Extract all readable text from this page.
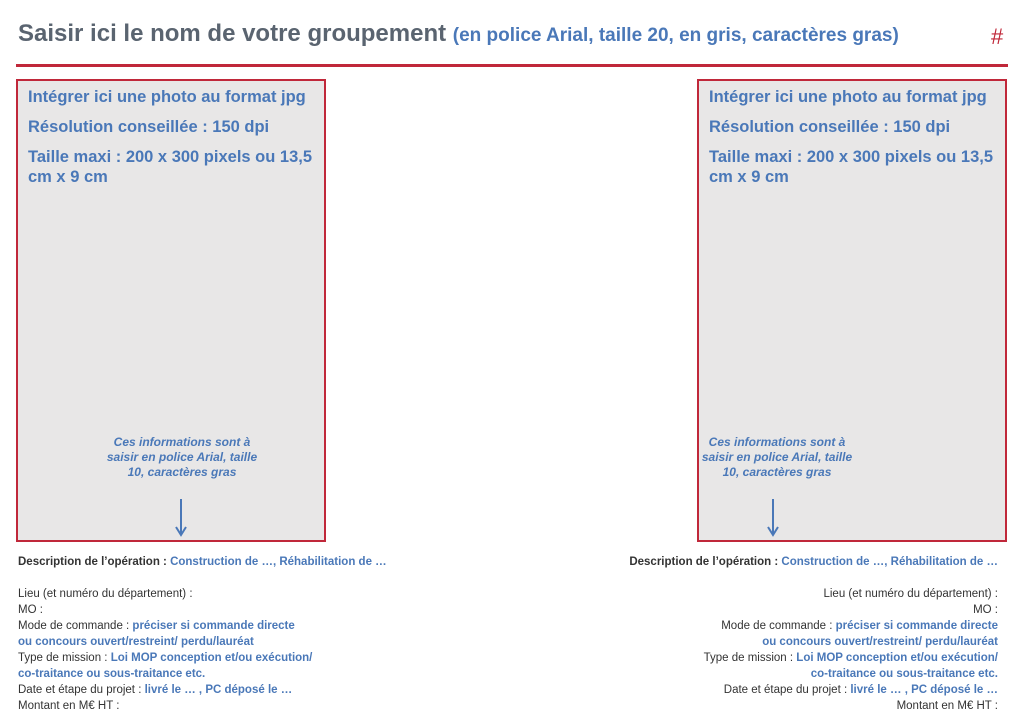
Saisir ici le nom de votre groupement (en police Arial, taille 20, en gris, caractères gras)	#

Intégrer ici une photo au format jpg

Résolution conseillée : 150 dpi

Taille maxi : 200 x 300 pixels ou 13,5 cm x 9 cm

Ces informations sont à saisir en police Arial, taille 10, caractères gras

Intégrer ici une photo au format jpg

Résolution conseillée : 150 dpi

Taille maxi : 200 x 300 pixels ou 13,5 cm x 9 cm

Ces informations sont à saisir en police Arial, taille 10, caractères gras
Description de l’opération : Construction de …, Réhabilitation de …
Lieu (et numéro du département) :
MO :
Mode de commande : préciser si commande directe
ou concours ouvert/restreint/ perdu/lauréat
Type de mission : Loi MOP conception et/ou exécution/
co-traitance ou sous-traitance etc.
Date et étape du projet : livré le … , PC déposé le …
Montant en M€ HT :
Description de l’opération : Construction de …, Réhabilitation de …
Lieu (et numéro du département) :
MO :
Mode de commande : préciser si commande directe
ou concours ouvert/restreint/ perdu/lauréat
Type de mission : Loi MOP conception et/ou exécution/
co-traitance ou sous-traitance etc.
Date et étape du projet : livré le … , PC déposé le …
Montant en M€ HT :
